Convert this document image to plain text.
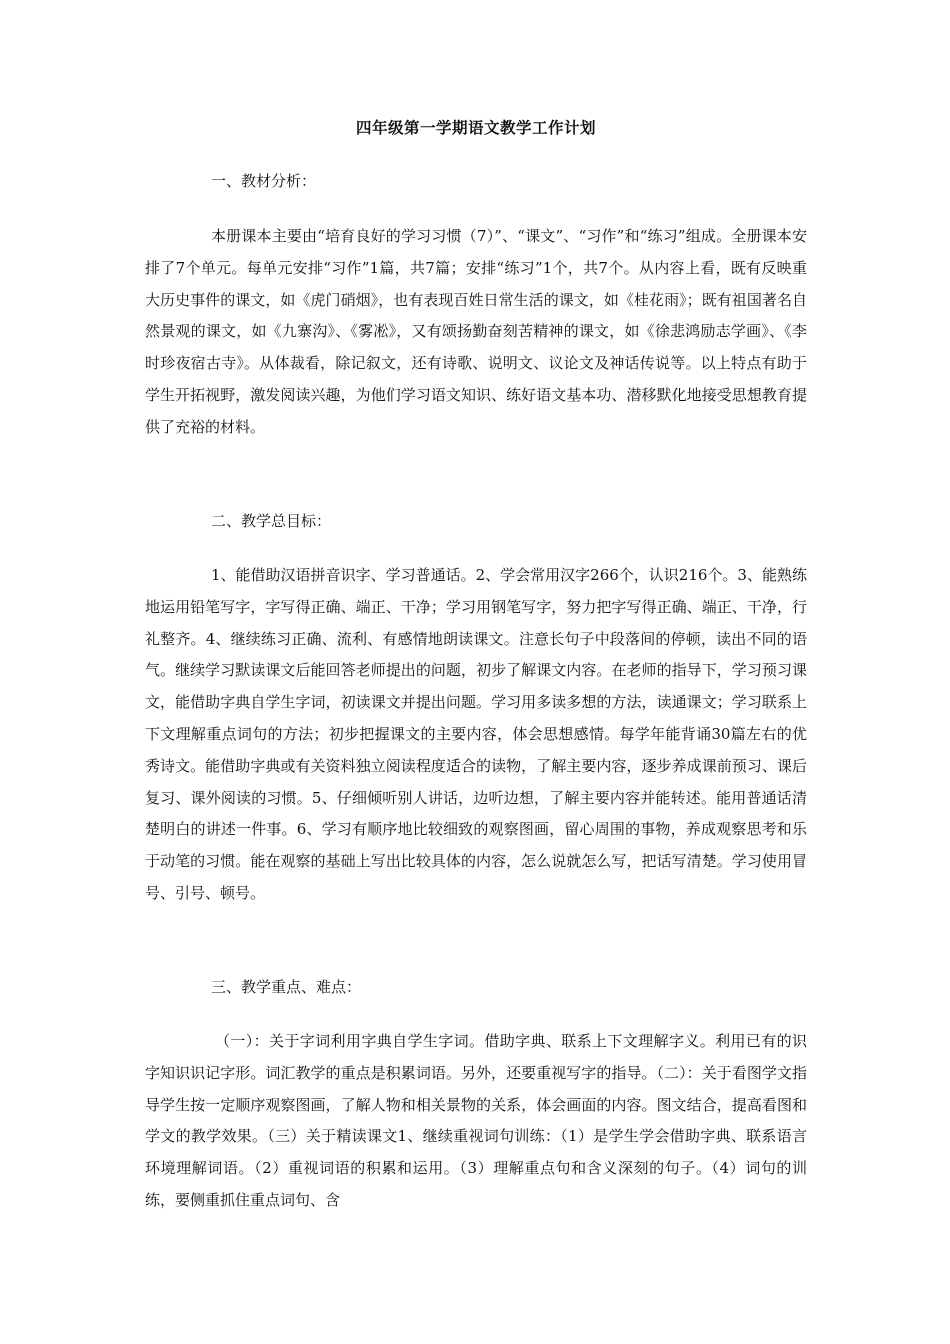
四年级第一学期语文教学工作计划

一、教材分析：

本册课本主要由“培育良好的学习习惯（7）”、“课文”、“习作”和“练习”组成。全册课本安排了7个单元。每单元安排“习作”1篇，共7篇；安排“练习”1个，共7个。从内容上看，既有反映重大历史事件的课文，如《虎门硝烟》，也有表现百姓日常生活的课文，如《桂花雨》；既有祖国著名自然景观的课文，如《九寨沟》、《雾凇》，又有颂扬勤奋刻苦精神的课文，如《徐悲鸿励志学画》、《李时珍夜宿古寺》。从体裁看，除记叙文，还有诗歌、说明文、议论文及神话传说等。以上特点有助于学生开拓视野，激发阅读兴趣，为他们学习语文知识、练好语文基本功、潜移默化地接受思想教育提供了充裕的材料。

二、教学总目标：

1、能借助汉语拼音识字、学习普通话。2、学会常用汉字266个，认识216个。3、能熟练地运用铅笔写字，字写得正确、端正、干净；学习用钢笔写字，努力把字写得正确、端正、干净，行礼整齐。4、继续练习正确、流利、有感情地朗读课文。注意长句子中段落间的停顿，读出不同的语气。继续学习默读课文后能回答老师提出的问题，初步了解课文内容。在老师的指导下，学习预习课文，能借助字典自学生字词，初读课文并提出问题。学习用多读多想的方法，读通课文；学习联系上下文理解重点词句的方法；初步把握课文的主要内容，体会思想感情。每学年能背诵30篇左右的优秀诗文。能借助字典或有关资料独立阅读程度适合的读物，了解主要内容，逐步养成课前预习、课后复习、课外阅读的习惯。5、仔细倾听别人讲话，边听边想，了解主要内容并能转述。能用普通话清楚明白的讲述一件事。6、学习有顺序地比较细致的观察图画，留心周围的事物，养成观察思考和乐于动笔的习惯。能在观察的基础上写出比较具体的内容，怎么说就怎么写，把话写清楚。学习使用冒号、引号、顿号。

三、教学重点、难点：

（一）：关于字词利用字典自学生字词。借助字典、联系上下文理解字义。利用已有的识字知识识记字形。词汇教学的重点是积累词语。另外，还要重视写字的指导。（二）：关于看图学文指导学生按一定顺序观察图画，了解人物和相关景物的关系，体会画面的内容。图文结合，提高看图和学文的教学效果。（三）关于精读课文1、继续重视词句训练：（1）是学生学会借助字典、联系语言环境理解词语。（2）重视词语的积累和运用。（3）理解重点句和含义深刻的句子。（4）词句的训练，要侧重抓住重点词句、含
